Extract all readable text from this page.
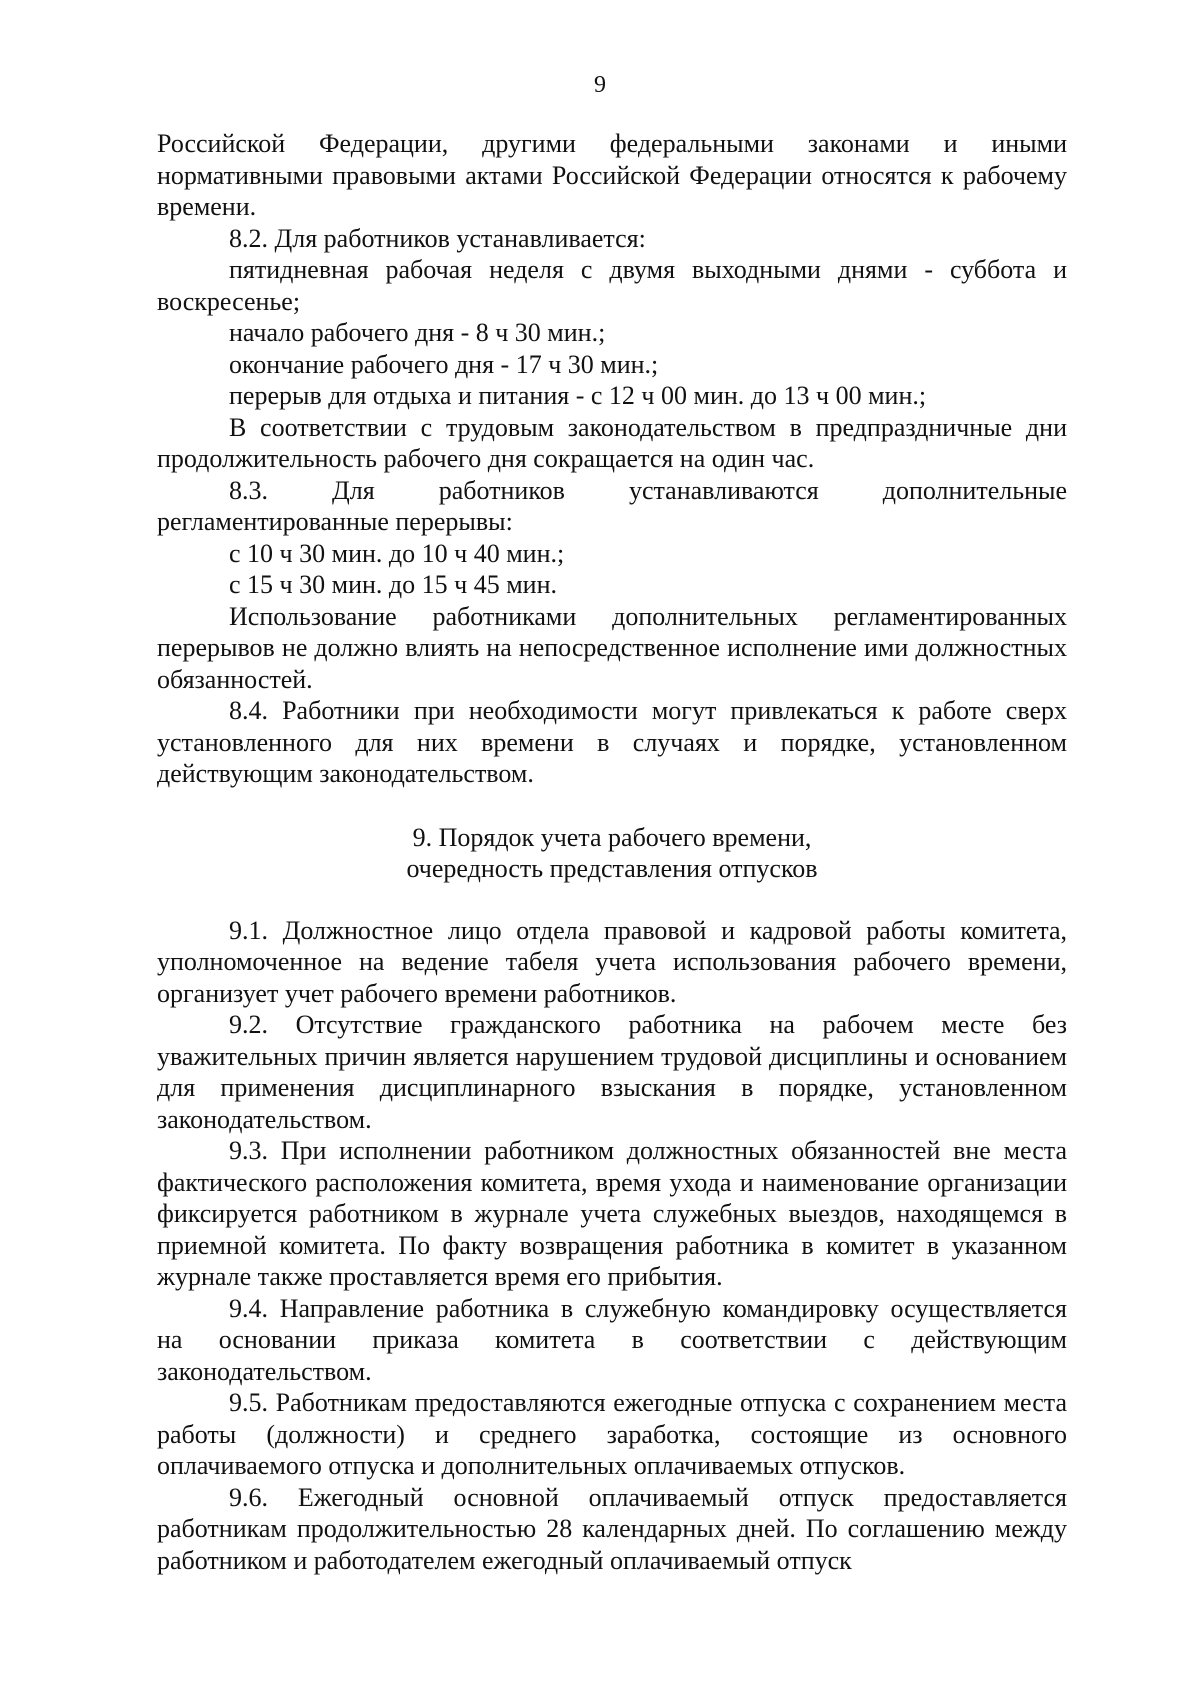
9

Российской Федерации, другими федеральными законами и иными нормативными правовыми актами Российской Федерации относятся к рабочему времени.

8.2. Для работников устанавливается:

пятидневная рабочая неделя с двумя выходными днями - суббота и воскресенье;

начало рабочего дня - 8 ч 30 мин.;

окончание рабочего дня - 17 ч 30 мин.;

перерыв для отдыха и питания - с 12 ч 00 мин. до 13 ч 00 мин.;

В соответствии с трудовым законодательством в предпраздничные дни продолжительность рабочего дня сокращается на один час.

8.3. Для работников устанавливаются дополнительные регламентированные перерывы:

с 10 ч 30 мин. до 10 ч 40 мин.;

с 15 ч 30 мин. до 15 ч 45 мин.

Использование работниками дополнительных регламентированных перерывов не должно влиять на непосредственное исполнение ими должностных обязанностей.

8.4. Работники при необходимости могут привлекаться к работе сверх установленного для них времени в случаях и порядке, установленном действующим законодательством.

9. Порядок учета рабочего времени,

очередность представления отпусков

9.1. Должностное лицо отдела правовой и кадровой работы комитета, уполномоченное на ведение табеля учета использования рабочего времени, организует учет рабочего времени работников.

9.2. Отсутствие гражданского работника на рабочем месте без уважительных причин является нарушением трудовой дисциплины и основанием для применения дисциплинарного взыскания в порядке, установленном законодательством.

9.3. При исполнении работником должностных обязанностей вне места фактического расположения комитета, время ухода и наименование организации фиксируется работником в журнале учета служебных выездов, находящемся в приемной комитета. По факту возвращения работника в комитет в указанном журнале также проставляется время его прибытия.

9.4. Направление работника в служебную командировку осуществляется на основании приказа комитета в соответствии с действующим законодательством.

9.5. Работникам предоставляются ежегодные отпуска с сохранением места работы (должности) и среднего заработка, состоящие из основного оплачиваемого отпуска и дополнительных оплачиваемых отпусков.

9.6. Ежегодный основной оплачиваемый отпуск предоставляется работникам продолжительностью 28 календарных дней. По соглашению между работником и работодателем ежегодный оплачиваемый отпуск
